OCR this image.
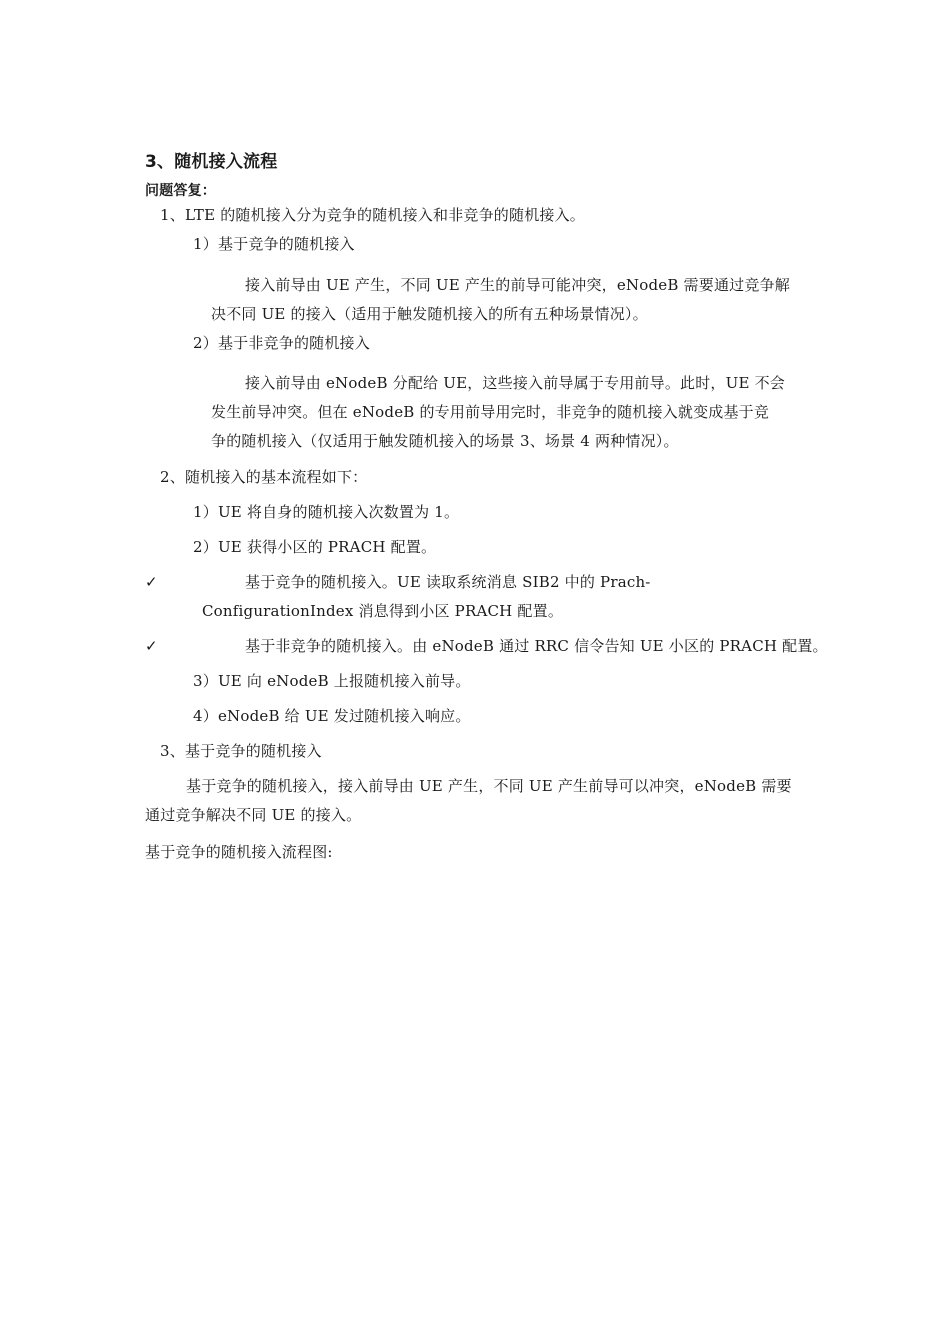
3、随机接入流程
问题答复：
1、LTE 的随机接入分为竞争的随机接入和非竞争的随机接入。
1）基于竞争的随机接入
接入前导由 UE 产生，不同 UE 产生的前导可能冲突，eNodeB 需要通过竞争解
决不同 UE 的接入（适用于触发随机接入的所有五种场景情况）。
2）基于非竞争的随机接入
接入前导由 eNodeB 分配给 UE，这些接入前导属于专用前导。此时，UE 不会
发生前导冲突。但在 eNodeB 的专用前导用完时，非竞争的随机接入就变成基于竞
争的随机接入（仅适用于触发随机接入的场景 3、场景 4 两种情况）。
2、随机接入的基本流程如下：
1）UE 将自身的随机接入次数置为 1。
2）UE 获得小区的 PRACH 配置。
✓	基于竞争的随机接入。UE 读取系统消息 SIB2 中的 Prach-
ConfigurationIndex 消息得到小区 PRACH 配置。
✓	基于非竞争的随机接入。由 eNodeB 通过 RRC 信令告知 UE 小区的 PRACH 配置。
3）UE 向 eNodeB 上报随机接入前导。
4）eNodeB 给 UE 发过随机接入响应。
3、基于竞争的随机接入
基于竞争的随机接入，接入前导由 UE 产生，不同 UE 产生前导可以冲突，eNodeB 需要
通过竞争解决不同 UE 的接入。
基于竞争的随机接入流程图:
